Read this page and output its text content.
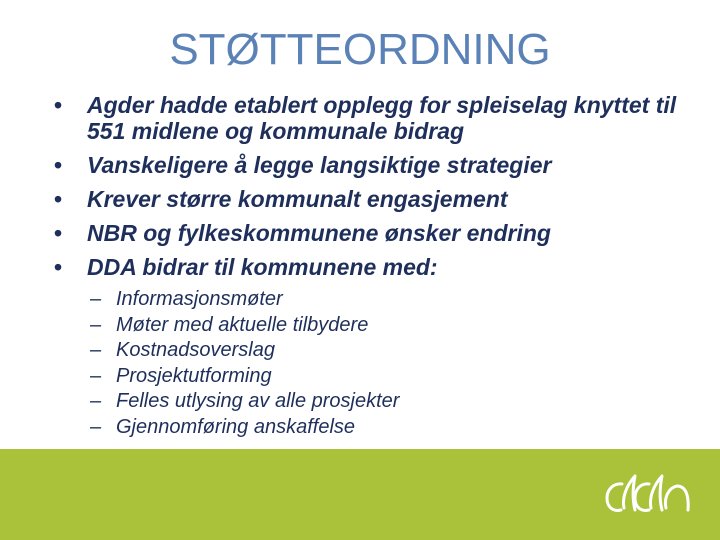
STØTTEORDNING
• Agder hadde etablert opplegg for spleiselag knyttet til 551 midlene og kommunale bidrag
• Vanskeligere å legge langsiktige strategier
• Krever større kommunalt engasjement
• NBR og fylkeskommunene ønsker endring
• DDA bidrar til kommunene med:
– Informasjonsmøter
– Møter med aktuelle tilbydere
– Kostnadsoverslag
– Prosjektutforming
– Felles utlysing av alle prosjekter
– Gjennomføring anskaffelse
